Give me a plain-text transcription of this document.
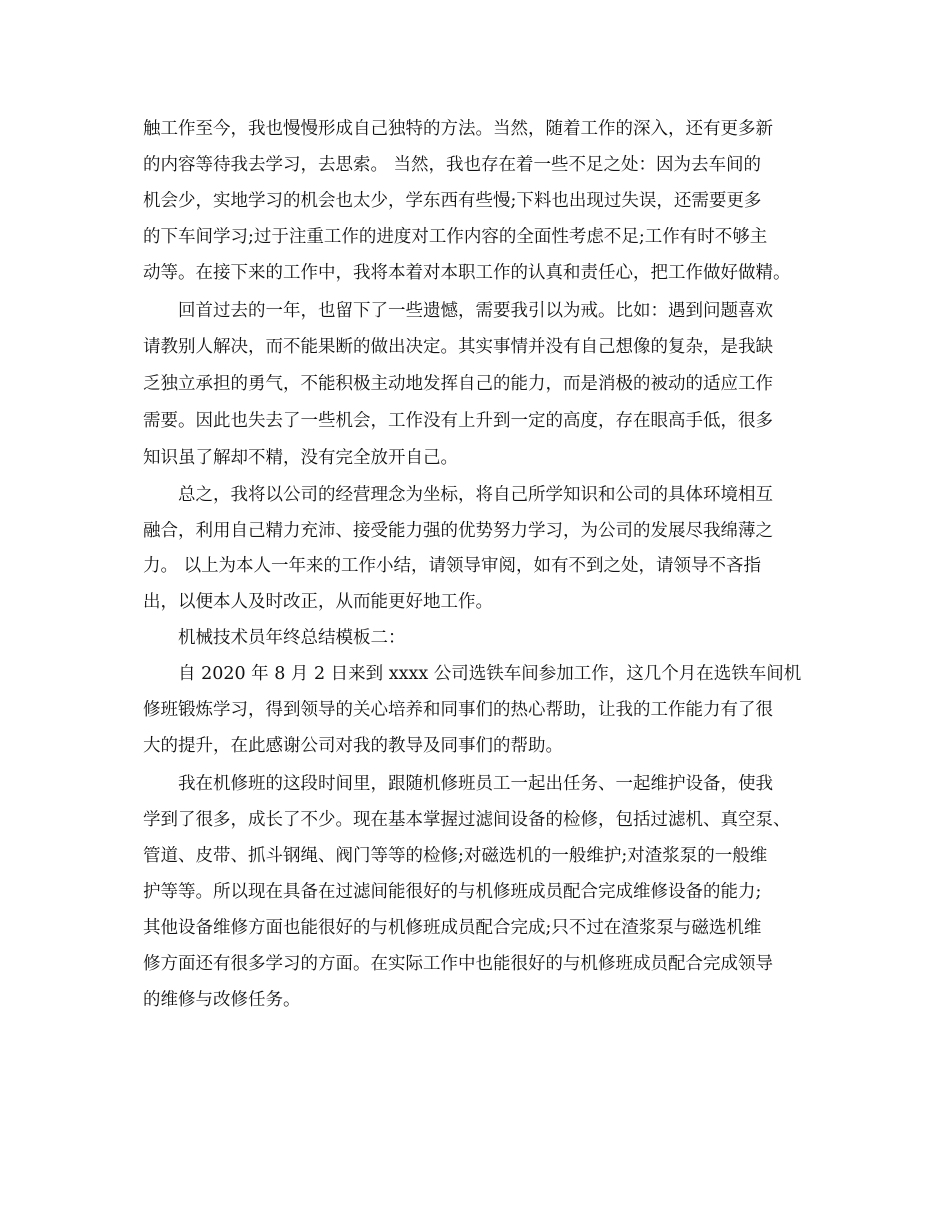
触工作至今，我也慢慢形成自己独特的方法。当然，随着工作的深入，还有更多新

的内容等待我去学习，去思索。 当然，我也存在着一些不足之处：因为去车间的

机会少，实地学习的机会也太少，学东西有些慢;下料也出现过失误，还需要更多

的下车间学习;过于注重工作的进度对工作内容的全面性考虑不足;工作有时不够主

动等。在接下来的工作中，我将本着对本职工作的认真和责任心，把工作做好做精。

回首过去的一年，也留下了一些遗憾，需要我引以为戒。比如：遇到问题喜欢

请教别人解决，而不能果断的做出决定。其实事情并没有自己想像的复杂，是我缺

乏独立承担的勇气，不能积极主动地发挥自己的能力，而是消极的被动的适应工作

需要。因此也失去了一些机会，工作没有上升到一定的高度，存在眼高手低，很多

知识虽了解却不精，没有完全放开自己。

总之，我将以公司的经营理念为坐标，将自己所学知识和公司的具体环境相互

融合，利用自己精力充沛、接受能力强的优势努力学习，为公司的发展尽我绵薄之

力。 以上为本人一年来的工作小结，请领导审阅，如有不到之处，请领导不吝指

出，以便本人及时改正，从而能更好地工作。

机械技术员年终总结模板二：

自 2020 年 8 月 2 日来到 xxxx 公司选铁车间参加工作，这几个月在选铁车间机

修班锻炼学习，得到领导的关心培养和同事们的热心帮助，让我的工作能力有了很

大的提升，在此感谢公司对我的教导及同事们的帮助。

我在机修班的这段时间里，跟随机修班员工一起出任务、一起维护设备，使我

学到了很多，成长了不少。现在基本掌握过滤间设备的检修，包括过滤机、真空泵、

管道、皮带、抓斗钢绳、阀门等等的检修;对磁选机的一般维护;对渣浆泵的一般维

护等等。所以现在具备在过滤间能很好的与机修班成员配合完成维修设备的能力;

其他设备维修方面也能很好的与机修班成员配合完成;只不过在渣浆泵与磁选机维

修方面还有很多学习的方面。在实际工作中也能很好的与机修班成员配合完成领导

的维修与改修任务。
